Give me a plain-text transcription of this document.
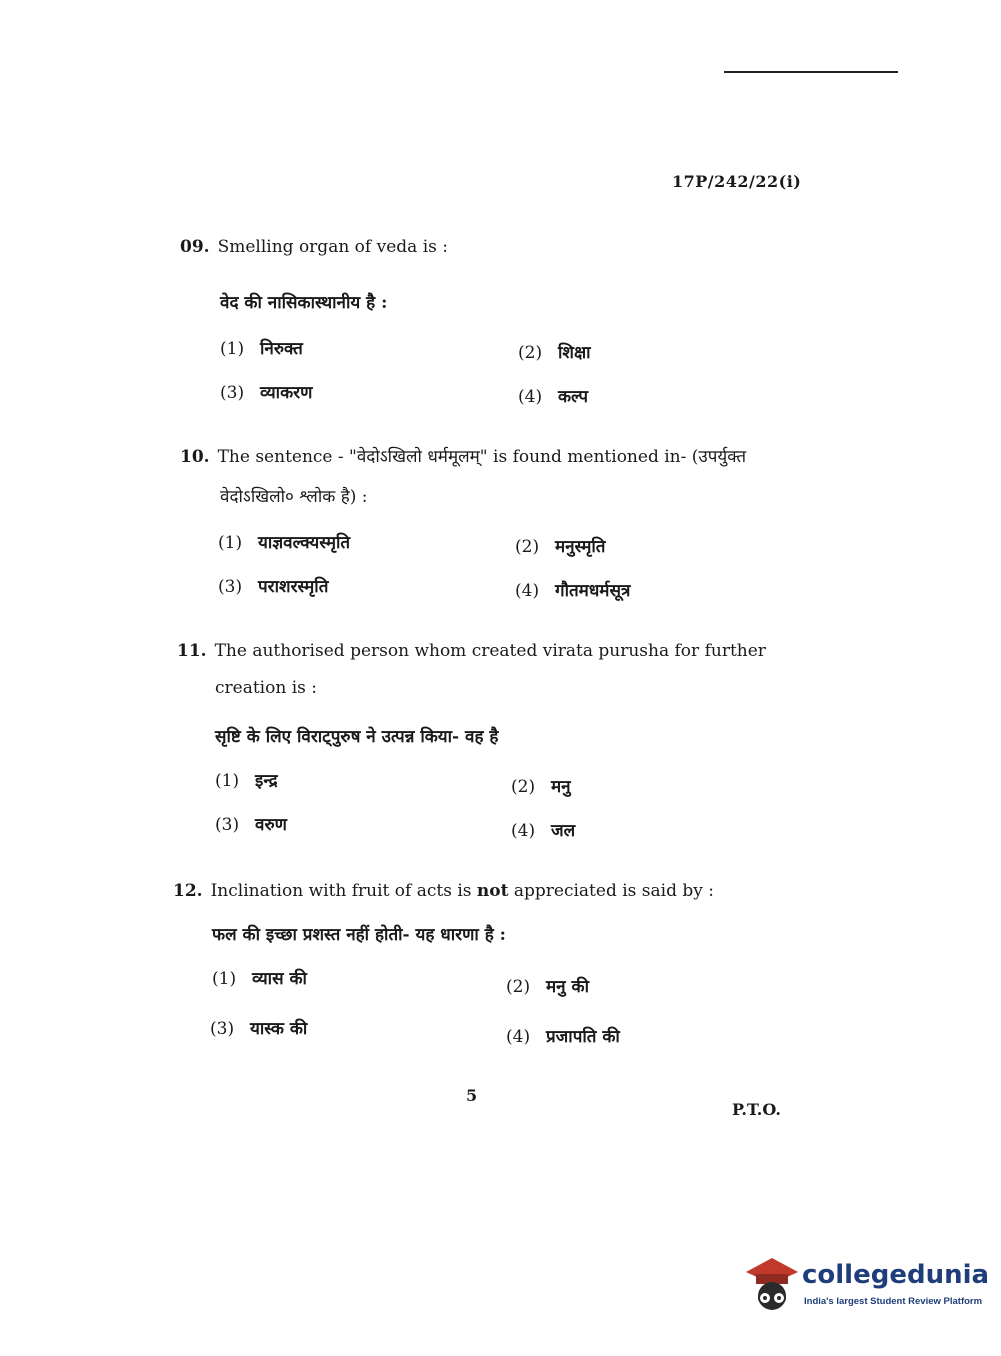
17P/242/22(i)
09. Smelling organ of veda is :
वेद की नासिकास्थानीय है :
(1) निरुक्त	(2) शिक्षा
(3) व्याकरण	(4) कल्प
10. The sentence - "वेदोऽखिलो धर्ममूलम्" is found mentioned in- (उपर्युक्त
वेदोऽखिलो० श्लोक है) :
(1) याज्ञवल्क्यस्मृति	(2) मनुस्मृति
(3) पराशरस्मृति	(4) गौतमधर्मसूत्र
11. The authorised person whom created virata purusha for further
creation is :
सृष्टि के लिए विराट्पुरुष ने उत्पन्न किया- वह है
(1) इन्द्र	(2) मनु
(3) वरुण	(4) जल
12. Inclination with fruit of acts is not appreciated is said by :
फल की इच्छा प्रशस्त नहीं होती- यह धारणा है :
(1) व्यास की	(2) मनु की
(3) यास्क की	(4) प्रजापति की
5
P.T.O.
collegedunia
India's largest Student Review Platform
